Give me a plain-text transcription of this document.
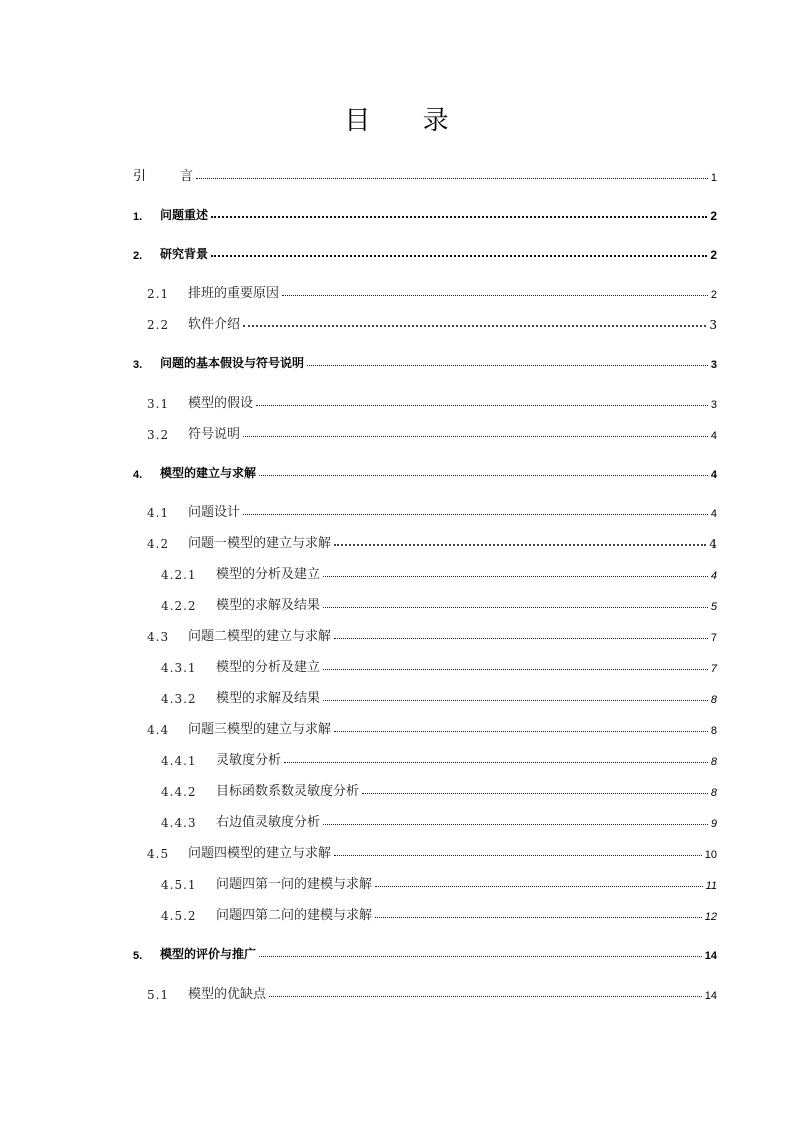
目 录
引	言	1
1.	问题重述	2
2.	研究背景	2
2.1	排班的重要原因	2
2.2	软件介绍	3
3.	问题的基本假设与符号说明	3
3.1	模型的假设	3
3.2	符号说明	4
4.	模型的建立与求解	4
4.1	问题设计	4
4.2	问题一模型的建立与求解	4
4.2.1	模型的分析及建立	4
4.2.2	模型的求解及结果	5
4.3	问题二模型的建立与求解	7
4.3.1	模型的分析及建立	7
4.3.2	模型的求解及结果	8
4.4	问题三模型的建立与求解	8
4.4.1	灵敏度分析	8
4.4.2	目标函数系数灵敏度分析	8
4.4.3	右边值灵敏度分析	9
4.5	问题四模型的建立与求解	10
4.5.1	问题四第一问的建模与求解	11
4.5.2	问题四第二问的建模与求解	12
5.	模型的评价与推广	14
5.1	模型的优缺点	14
